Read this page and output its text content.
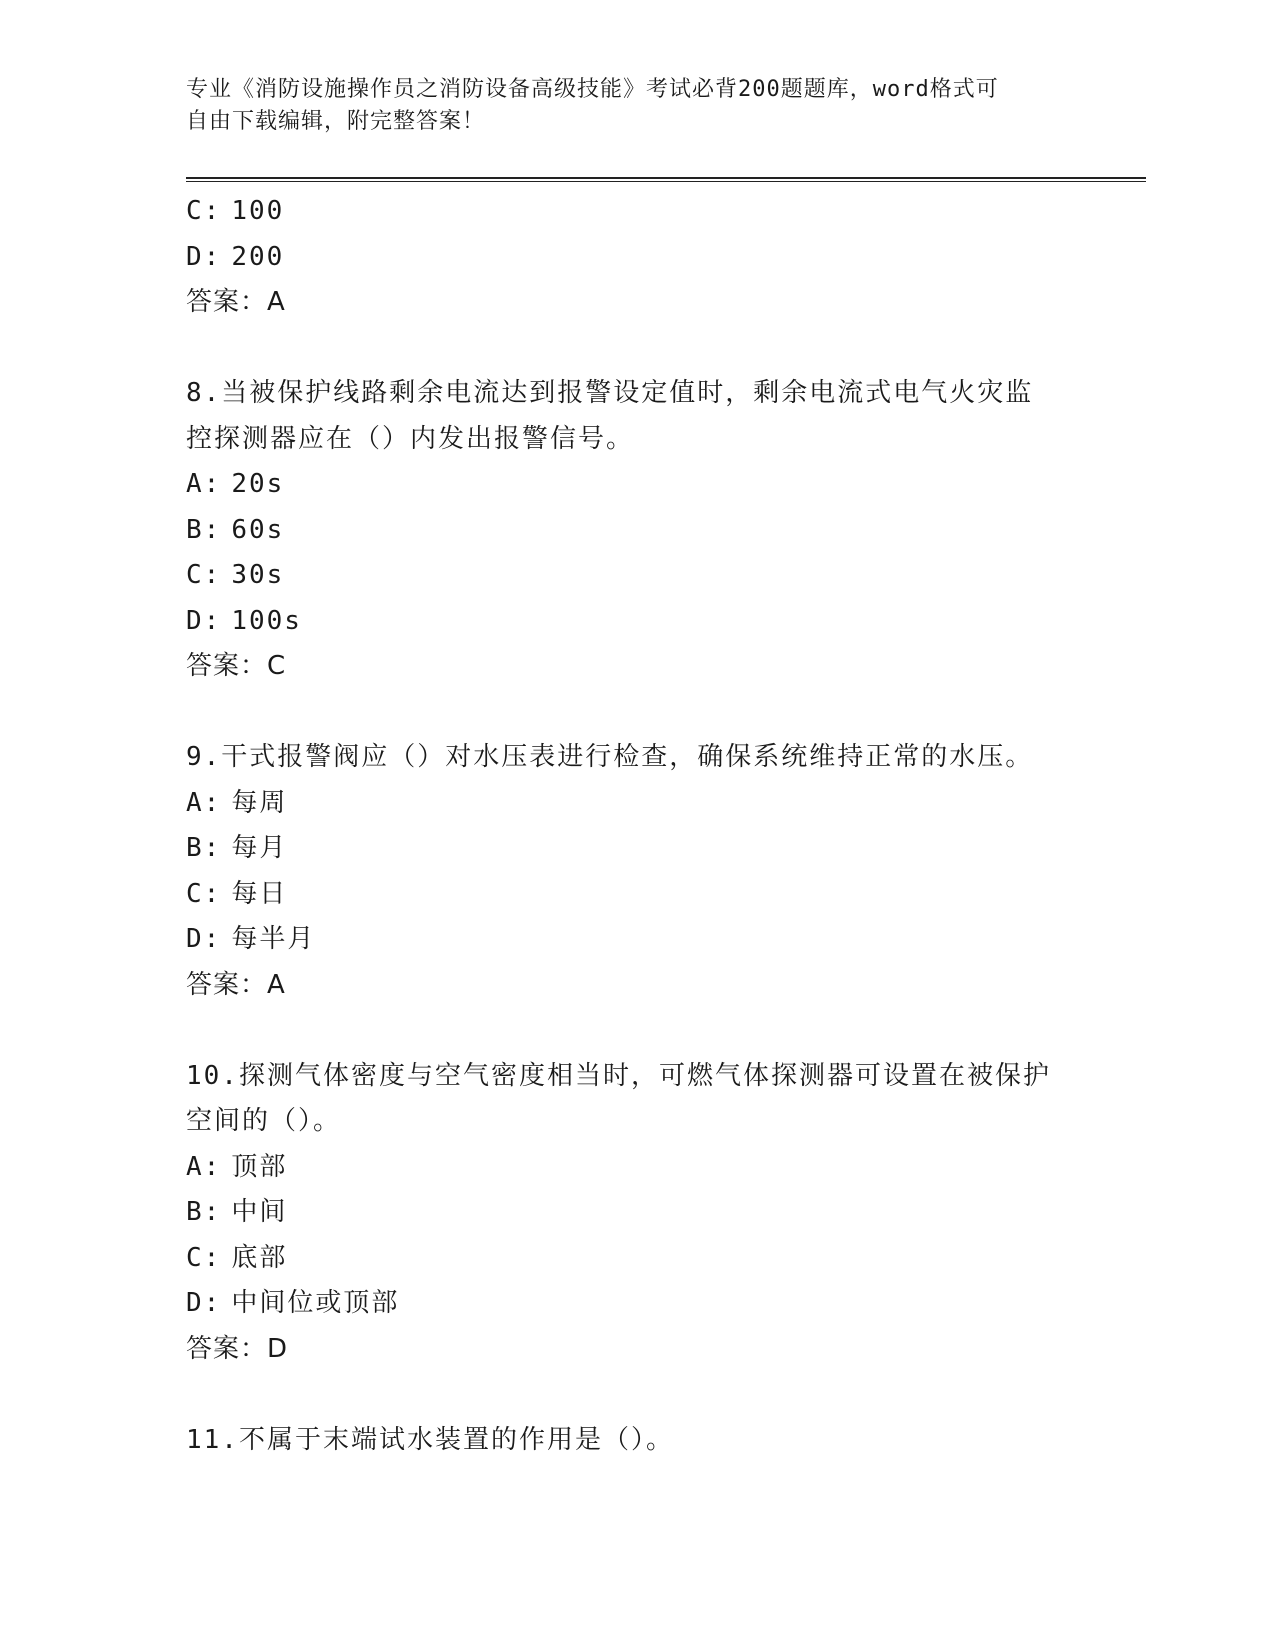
专业《消防设施操作员之消防设备高级技能》考试必背200题题库，word格式可
自由下载编辑，附完整答案！
C: 100
D: 200
答案：A
8.当被保护线路剩余电流达到报警设定值时，剩余电流式电气火灾监
控探测器应在（）内发出报警信号。
A: 20s
B: 60s
C: 30s
D: 100s
答案：C
9.干式报警阀应（）对水压表进行检查，确保系统维持正常的水压。
A: 每周
B: 每月
C: 每日
D: 每半月
答案：A
10.探测气体密度与空气密度相当时，可燃气体探测器可设置在被保护
空间的（）。
A: 顶部
B: 中间
C: 底部
D: 中间位或顶部
答案：D
11.不属于末端试水装置的作用是（）。
